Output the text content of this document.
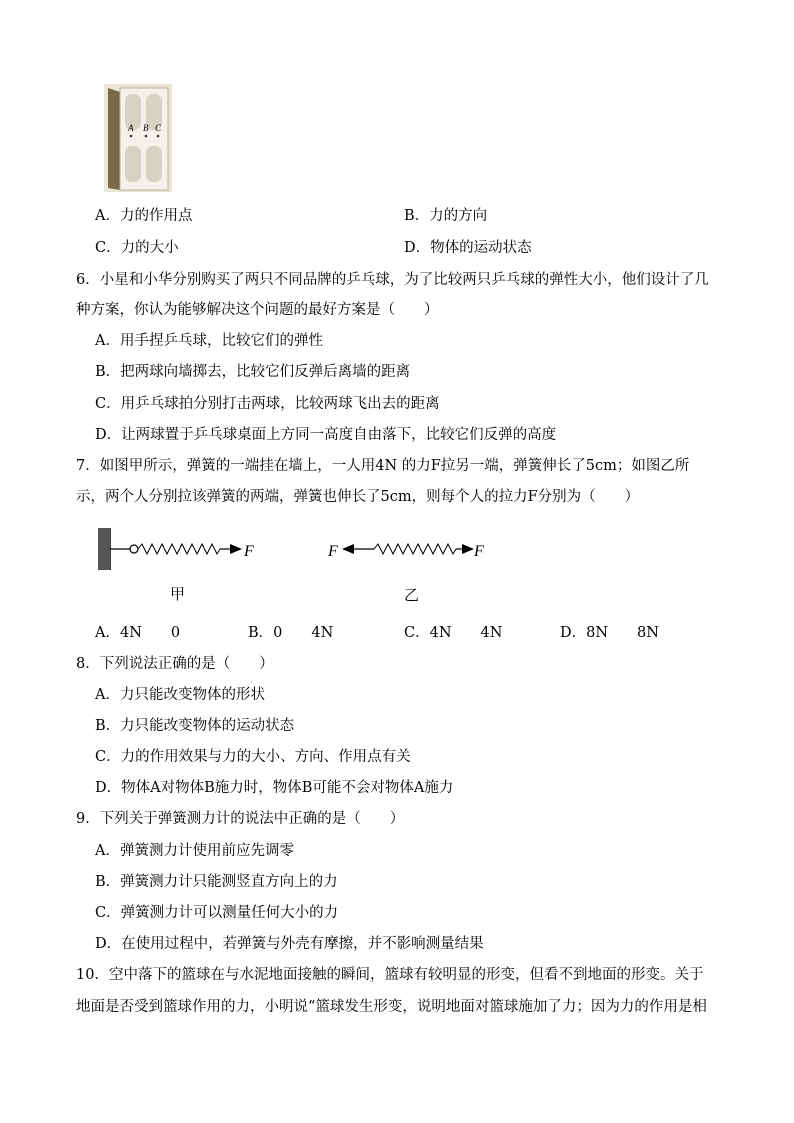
A B C
A．力的作用点	B．力的方向
C．力的大小	D．物体的运动状态
6．小星和小华分别购买了两只不同品牌的乒乓球，为了比较两只乒乓球的弹性大小，他们设计了几
种方案，你认为能够解决这个问题的最好方案是（　　）
A．用手捏乒乓球，比较它们的弹性
B．把两球向墙掷去，比较它们反弹后离墙的距离
C．用乒乓球拍分别打击两球，比较两球飞出去的距离
D．让两球置于乒乓球桌面上方同一高度自由落下，比较它们反弹的高度
7．如图甲所示，弹簧的一端挂在墙上，一人用4N 的力F拉另一端，弹簧伸长了5cm；如图乙所
示，两个人分别拉该弹簧的两端，弹簧也伸长了5cm，则每个人的拉力F分别为（　　）
F	F	F
甲	乙
A．4N　　0	B．0　　4N	C．4N　　4N	D．8N　　8N
8．下列说法正确的是（　　）
A．力只能改变物体的形状
B．力只能改变物体的运动状态
C．力的作用效果与力的大小、方向、作用点有关
D．物体A对物体B施力时，物体B可能不会对物体A施力
9．下列关于弹簧测力计的说法中正确的是（　　）
A．弹簧测力计使用前应先调零
B．弹簧测力计只能测竖直方向上的力
C．弹簧测力计可以测量任何大小的力
D．在使用过程中，若弹簧与外壳有摩擦，并不影响测量结果
10．空中落下的篮球在与水泥地面接触的瞬间，篮球有较明显的形变，但看不到地面的形变。关于
地面是否受到篮球作用的力，小明说“篮球发生形变，说明地面对篮球施加了力；因为力的作用是相
